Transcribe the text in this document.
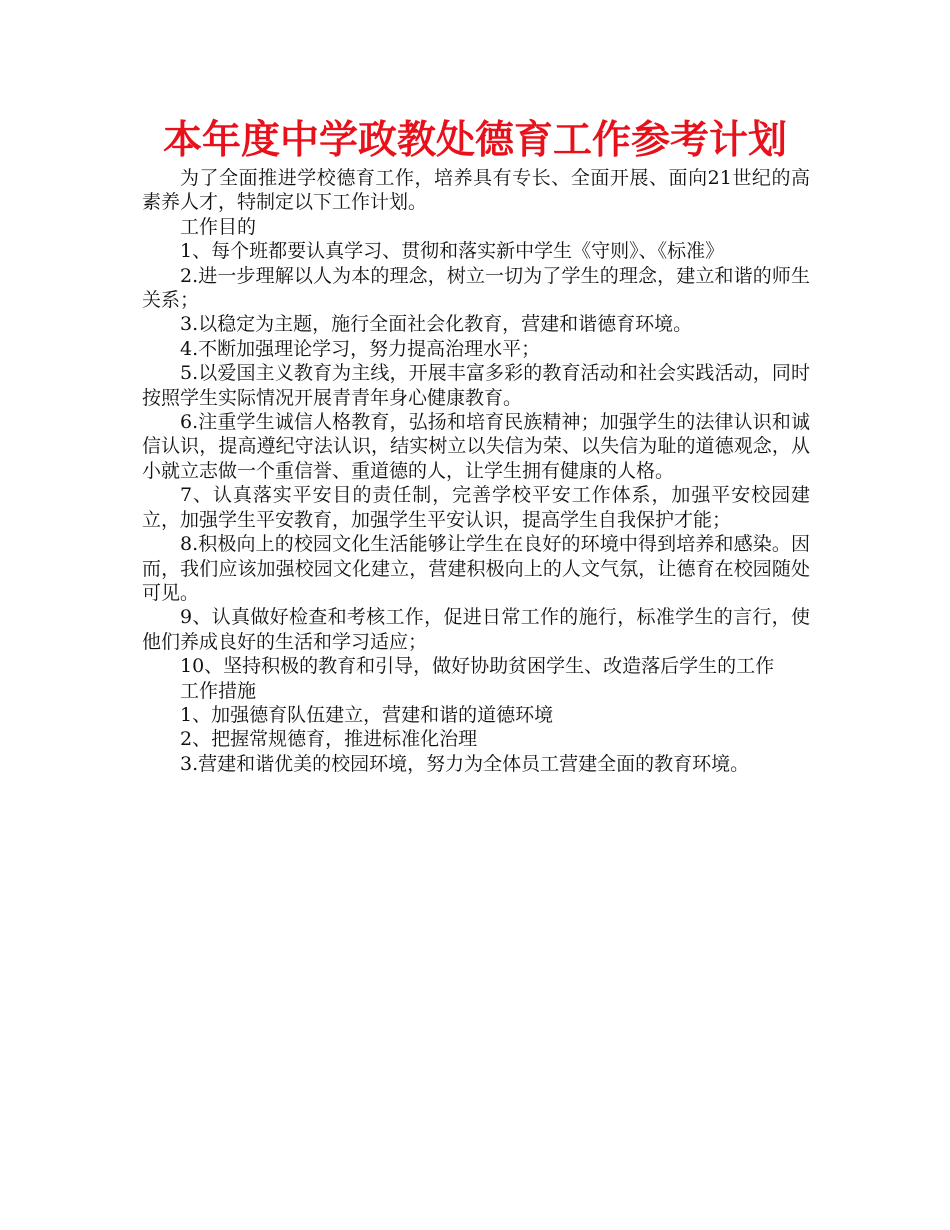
本年度中学政教处德育工作参考计划

为了全面推进学校德育工作，培养具有专长、全面开展、面向21世纪的高素养人才，特制定以下工作计划。

工作目的

1、每个班都要认真学习、贯彻和落实新中学生《守则》、《标准》

2.进一步理解以人为本的理念，树立一切为了学生的理念，建立和谐的师生关系；

3.以稳定为主题，施行全面社会化教育，营建和谐德育环境。

4.不断加强理论学习，努力提高治理水平；

5.以爱国主义教育为主线，开展丰富多彩的教育活动和社会实践活动，同时按照学生实际情况开展青青年身心健康教育。

6.注重学生诚信人格教育，弘扬和培育民族精神；加强学生的法律认识和诚信认识，提高遵纪守法认识，结实树立以失信为荣、以失信为耻的道德观念，从小就立志做一个重信誉、重道德的人，让学生拥有健康的人格。

7、认真落实平安目的责任制，完善学校平安工作体系，加强平安校园建立，加强学生平安教育，加强学生平安认识，提高学生自我保护才能；

8.积极向上的校园文化生活能够让学生在良好的环境中得到培养和感染。因而，我们应该加强校园文化建立，营建积极向上的人文气氛，让德育在校园随处可见。

9、认真做好检查和考核工作，促进日常工作的施行，标准学生的言行，使他们养成良好的生活和学习适应；

10、坚持积极的教育和引导，做好协助贫困学生、改造落后学生的工作

工作措施

1、加强德育队伍建立，营建和谐的道德环境

2、把握常规德育，推进标准化治理

3.营建和谐优美的校园环境，努力为全体员工营建全面的教育环境。
